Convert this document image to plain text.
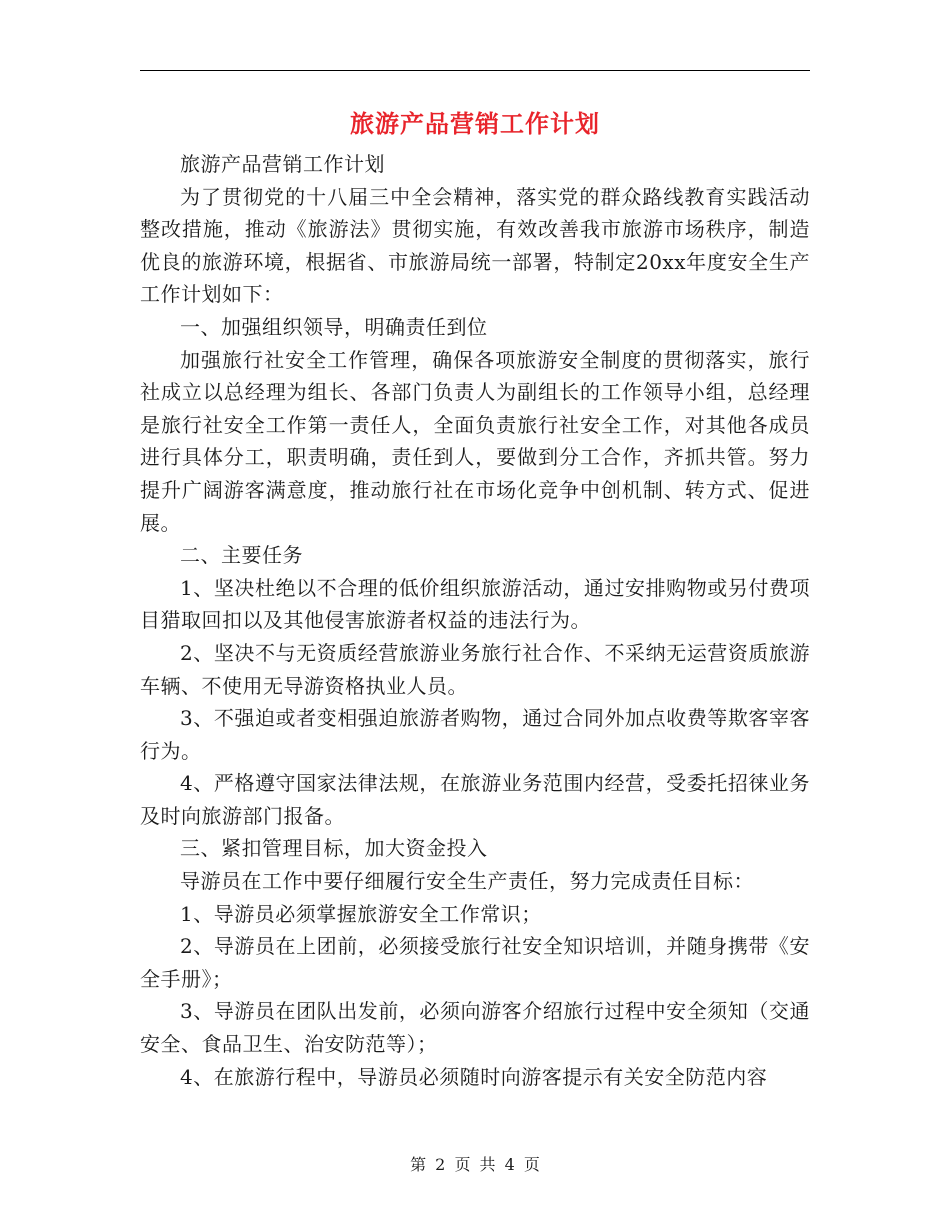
旅游产品营销工作计划

旅游产品营销工作计划

为了贯彻党的十八届三中全会精神，落实党的群众路线教育实践活动整改措施，推动《旅游法》贯彻实施，有效改善我市旅游市场秩序，制造优良的旅游环境，根据省、市旅游局统一部署，特制定20xx年度安全生产工作计划如下：

一、加强组织领导，明确责任到位

加强旅行社安全工作管理，确保各项旅游安全制度的贯彻落实，旅行社成立以总经理为组长、各部门负责人为副组长的工作领导小组，总经理是旅行社安全工作第一责任人，全面负责旅行社安全工作，对其他各成员进行具体分工，职责明确，责任到人，要做到分工合作，齐抓共管。努力提升广阔游客满意度，推动旅行社在市场化竞争中创机制、转方式、促进展。

二、主要任务

1、坚决杜绝以不合理的低价组织旅游活动，通过安排购物或另付费项目猎取回扣以及其他侵害旅游者权益的违法行为。

2、坚决不与无资质经营旅游业务旅行社合作、不采纳无运营资质旅游车辆、不使用无导游资格执业人员。

3、不强迫或者变相强迫旅游者购物，通过合同外加点收费等欺客宰客行为。

4、严格遵守国家法律法规，在旅游业务范围内经营，受委托招徕业务及时向旅游部门报备。

三、紧扣管理目标，加大资金投入

导游员在工作中要仔细履行安全生产责任，努力完成责任目标：

1、导游员必须掌握旅游安全工作常识；

2、导游员在上团前，必须接受旅行社安全知识培训，并随身携带《安全手册》；

3、导游员在团队出发前，必须向游客介绍旅行过程中安全须知（交通安全、食品卫生、治安防范等）；

4、在旅游行程中，导游员必须随时向游客提示有关安全防范内容

第 2 页 共 4 页
